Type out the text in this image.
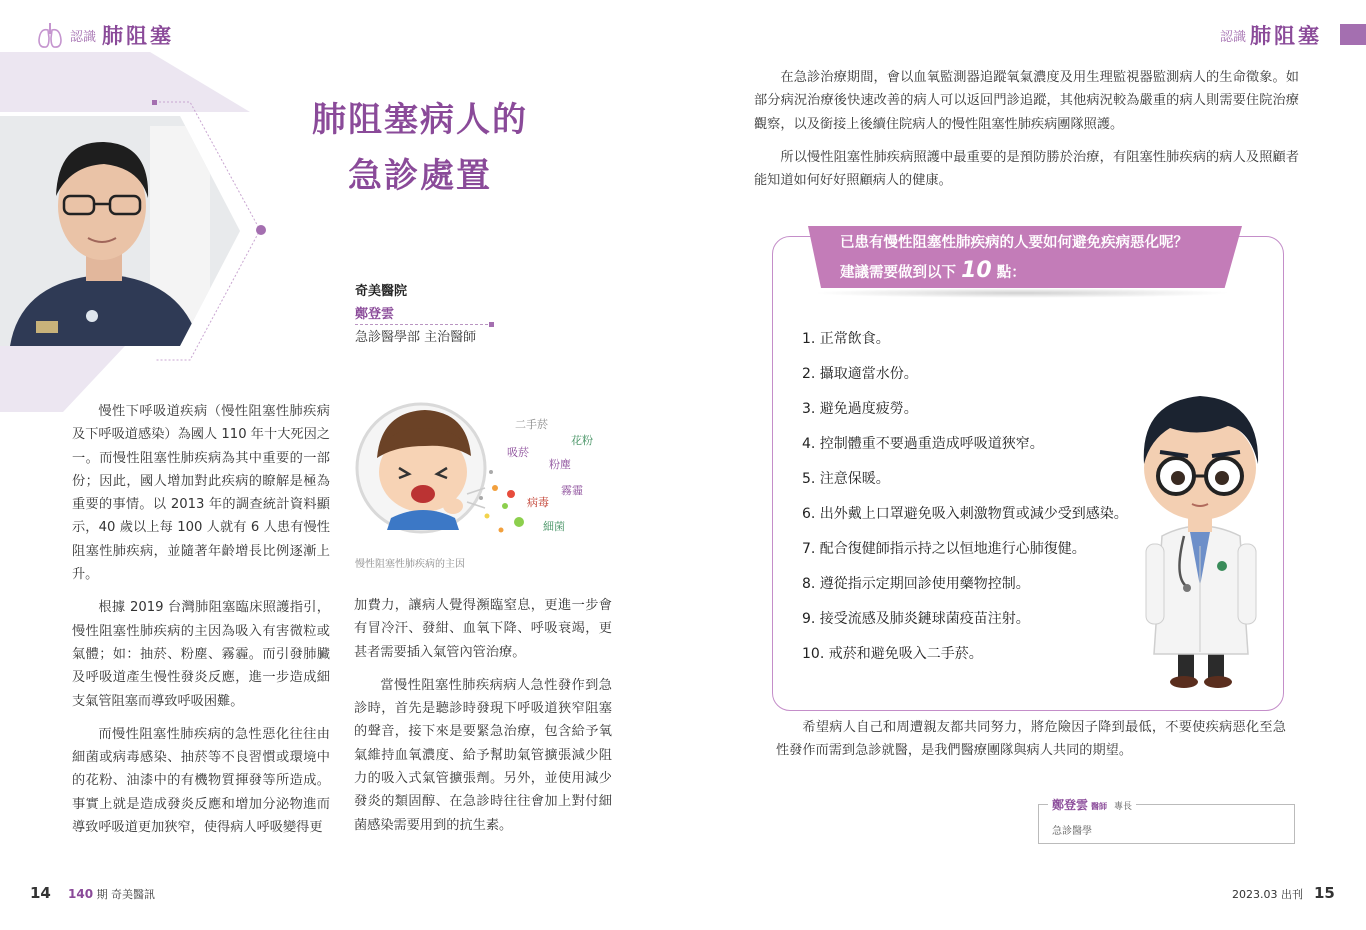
認識 肺阻塞	認識 肺阻塞
肺阻塞病人的
急診處置
奇美醫院
鄭登雲
急診醫學部 主治醫師

慢性下呼吸道疾病（慢性阻塞性肺疾病及下呼吸道感染）為國人 110 年十大死因之一。而慢性阻塞性肺疾病為其中重要的一部份；因此，國人增加對此疾病的瞭解是極為重要的事情。以 2013 年的調查統計資料顯示，40 歲以上每 100 人就有 6 人患有慢性阻塞性肺疾病，並隨著年齡增長比例逐漸上升。

根據 2019 台灣肺阻塞臨床照護指引，慢性阻塞性肺疾病的主因為吸入有害微粒或氣體；如：抽菸、粉塵、霧霾。而引發肺臟及呼吸道產生慢性發炎反應，進一步造成細支氣管阻塞而導致呼吸困難。

而慢性阻塞性肺疾病的急性惡化往往由細菌或病毒感染、抽菸等不良習慣或環境中的花粉、油漆中的有機物質揮發等所造成。事實上就是造成發炎反應和增加分泌物進而導致呼吸道更加狹窄，使得病人呼吸變得更

二手菸
花粉
吸菸
粉塵
病毒
霧霾
細菌
慢性阻塞性肺疾病的主因

加費力，讓病人覺得瀕臨窒息，更進一步會有冒冷汗、發紺、血氧下降、呼吸衰竭，更甚者需要插入氣管內管治療。

當慢性阻塞性肺疾病病人急性發作到急診時，首先是聽診時發現下呼吸道狹窄阻塞的聲音，接下來是要緊急治療，包含給予氧氣維持血氧濃度、給予幫助氣管擴張減少阻力的吸入式氣管擴張劑。另外，並使用減少發炎的類固醇、在急診時往往會加上對付細菌感染需要用到的抗生素。

在急診治療期間，會以血氧監測器追蹤氧氣濃度及用生理監視器監測病人的生命徵象。如部分病況治療後快速改善的病人可以返回門診追蹤，其他病況較為嚴重的病人則需要住院治療觀察，以及銜接上後續住院病人的慢性阻塞性肺疾病團隊照護。

所以慢性阻塞性肺疾病照護中最重要的是預防勝於治療，有阻塞性肺疾病的病人及照顧者能知道如何好好照顧病人的健康。

已患有慢性阻塞性肺疾病的人要如何避免疾病惡化呢？
建議需要做到以下 10 點：
1. 正常飲食。
2. 攝取適當水份。
3. 避免過度疲勞。
4. 控制體重不要過重造成呼吸道狹窄。
5. 注意保暖。
6. 出外戴上口罩避免吸入刺激物質或減少受到感染。
7. 配合復健師指示持之以恒地進行心肺復健。
8. 遵從指示定期回診使用藥物控制。
9. 接受流感及肺炎鏈球菌疫苗注射。
10. 戒菸和避免吸入二手菸。

希望病人自己和周遭親友都共同努力，將危險因子降到最低，不要使疾病惡化至急性發作而需到急診就醫，是我們醫療團隊與病人共同的期望。

鄭登雲 醫師 專長
急診醫學
14 140 期 奇美醫訊	2023.03 出刊 15
